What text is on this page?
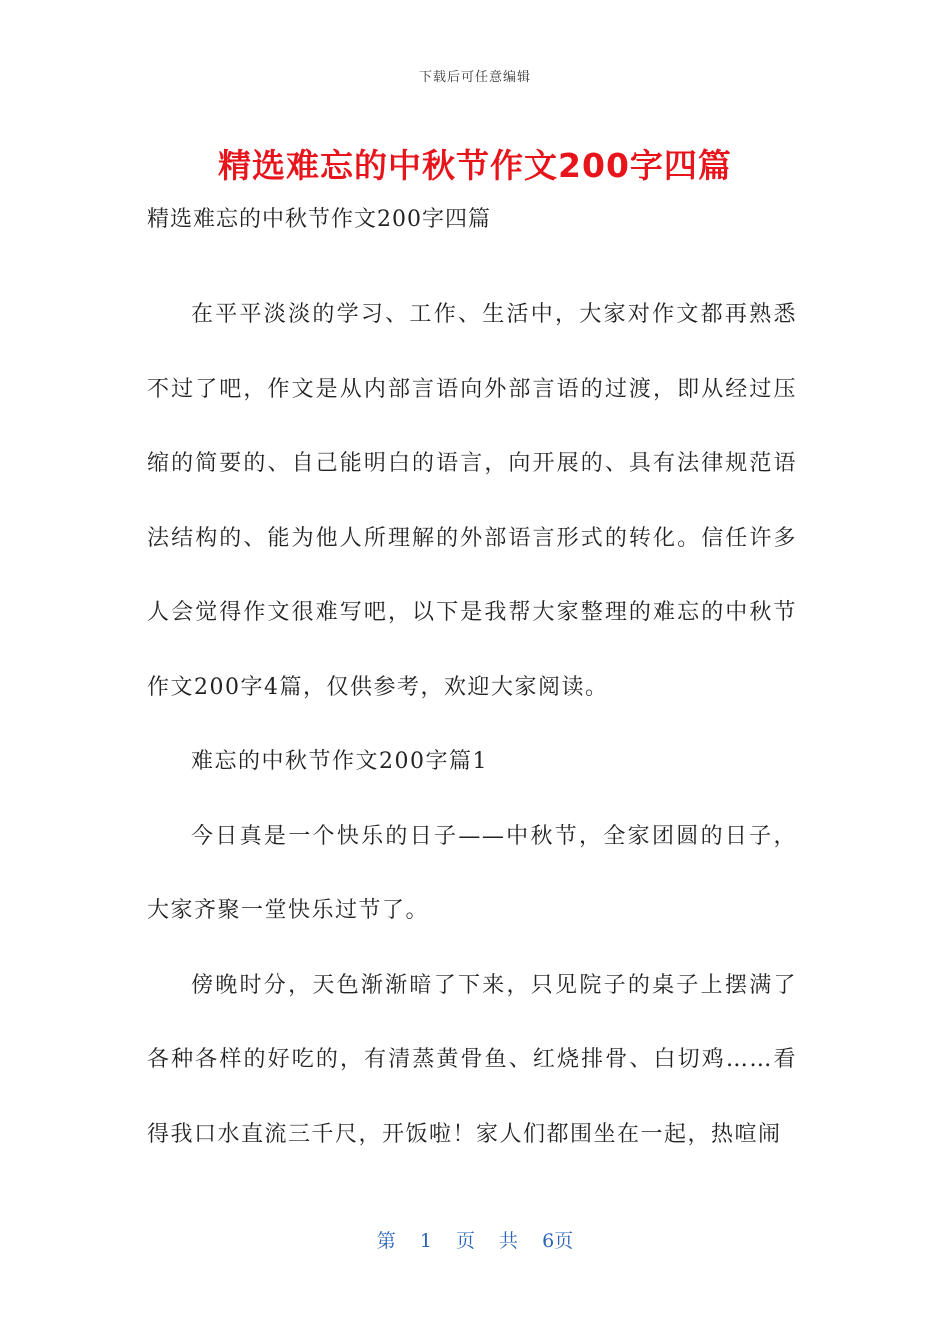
下载后可任意编辑
精选难忘的中秋节作文200字四篇

精选难忘的中秋节作文200字四篇

在平平淡淡的学习、工作、生活中，大家对作文都再熟悉不过了吧，作文是从内部言语向外部言语的过渡，即从经过压缩的简要的、自己能明白的语言，向开展的、具有法律规范语法结构的、能为他人所理解的外部语言形式的转化。信任许多人会觉得作文很难写吧，以下是我帮大家整理的难忘的中秋节作文200字4篇，仅供参考，欢迎大家阅读。

难忘的中秋节作文200字篇1

今日真是一个快乐的日子——中秋节，全家团圆的日子，大家齐聚一堂快乐过节了。

傍晚时分，天色渐渐暗了下来，只见院子的桌子上摆满了各种各样的好吃的，有清蒸黄骨鱼、红烧排骨、白切鸡……看得我口水直流三千尺，开饭啦！家人们都围坐在一起，热喧闹

第 1 页 共 6页
